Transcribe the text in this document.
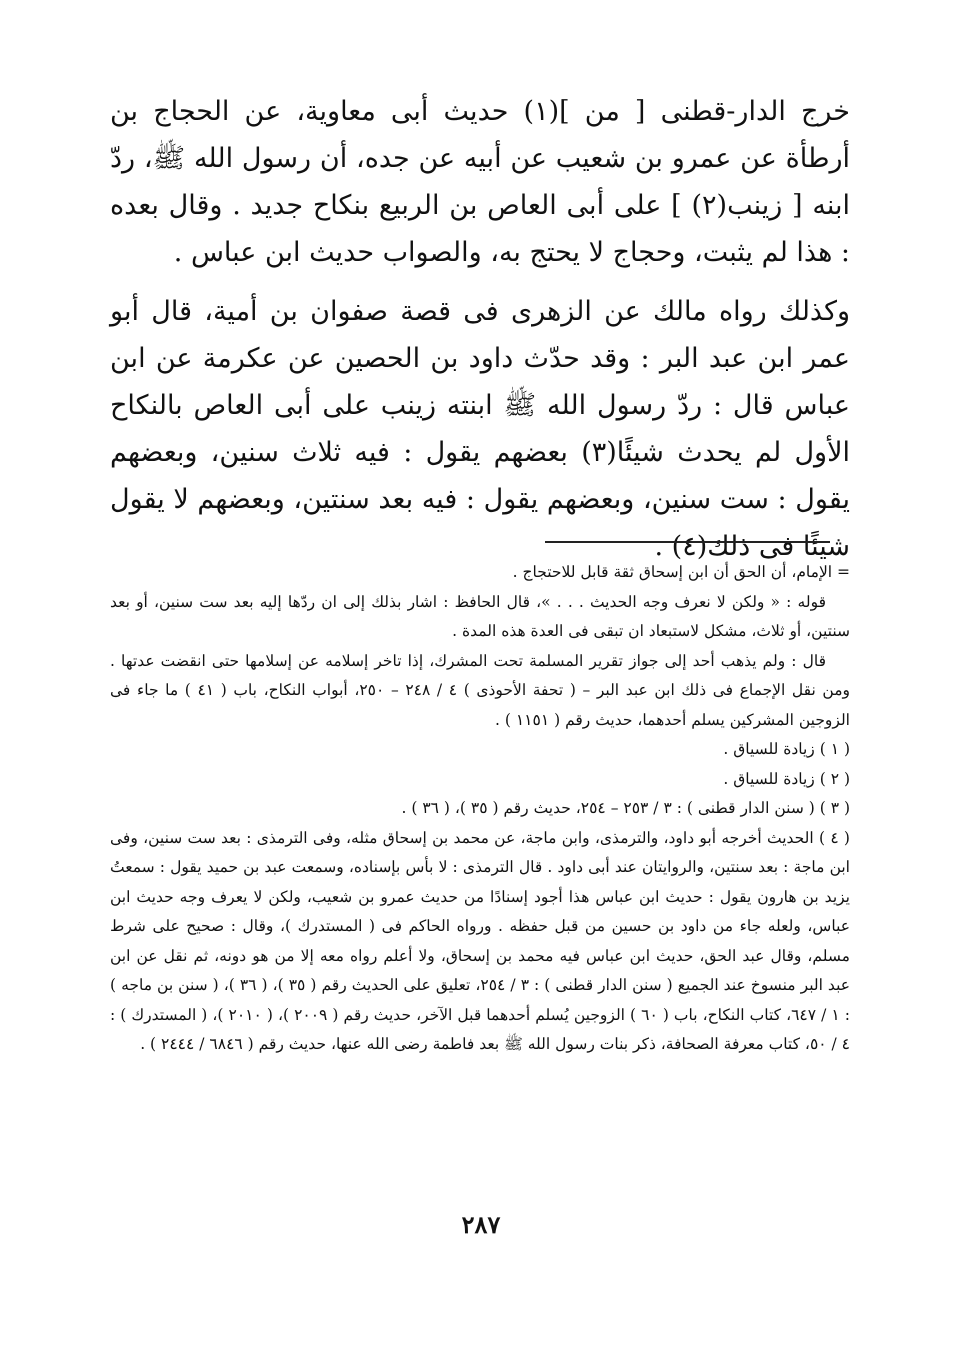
خرج الدار-قطنى [ من ](١) حديث أبى معاوية، عن الحجاج بن أرطأة عن عمرو بن شعيب عن أبيه عن جده، أن رسول الله ﷺ، ردّ ابنه [ زينب(٢) ] على أبى العاص بن الربيع بنكاح جديد . وقال بعده : هذا لم يثبت، وحجاج لا يحتج به، والصواب حديث ابن عباس .

وكذلك رواه مالك عن الزهرى فى قصة صفوان بن أمية، قال أبو عمر ابن عبد البر : وقد حدّث داود بن الحصين عن عكرمة عن ابن عباس قال : ردّ رسول الله ﷺ ابنته زينب على أبى العاص بالنكاح الأول لم يحدث شيئًا(٣) بعضهم يقول : فيه ثلاث سنين، وبعضهم يقول : ست سنين، وبعضهم يقول : فيه بعد سنتين، وبعضهم لا يقول شيئًا فى ذلك(٤) .

= الإمام، أن الحق أن ابن إسحاق ثقة قابل للاحتجاج .

قوله : « ولكن لا نعرف وجه الحديث . . . »، قال الحافظ : اشار بذلك إلى ان ردّها إليه بعد ست سنين، أو بعد سنتين، أو ثلاث، مشكل لاستبعاد ان تبقى فى العدة هذه المدة .

قال : ولم يذهب أحد إلى جواز تقرير المسلمة تحت المشرك، إذا تاخر إسلامه عن إسلامها حتى انقضت عدتها . ومن نقل الإجماع فى ذلك ابن عبد البر – ( تحفة الأحوذى ) ٤ / ٢٤٨ – ٢٥٠، أبواب النكاح، باب ( ٤١ ) ما جاء فى الزوجين المشركين يسلم أحدهما، حديث رقم ( ١١٥١ ) .

( ١ ) زيادة للسياق .

( ٢ ) زيادة للسياق .

( ٣ ) ( سنن الدار قطنى ) : ٣ / ٢٥٣ – ٢٥٤، حديث رقم ( ٣٥ )، ( ٣٦ ) .

( ٤ ) الحديث أخرجه أبو داود، والترمذى، وابن ماجة، عن محمد بن إسحاق مثله، وفى الترمذى : بعد ست سنين، وفى ابن ماجة : بعد سنتين، والروايتان عند أبى داود . قال الترمذى : لا بأس بإسناده، وسمعت عبد بن حميد يقول : سمعتُ يزيد بن هارون يقول : حديث ابن عباس هذا أجود إسنادًا من حديث عمرو بن شعيب، ولكن لا يعرف وجه حديث ابن عباس، ولعله جاء من داود بن حسين من قبل حفظه . ورواه الحاكم فى ( المستدرك )، وقال : صحيح على شرط مسلم، وقال عبد الحق، حديث ابن عباس فيه محمد بن إسحاق، ولا أعلم رواه معه إلا من هو دونه، ثم نقل عن ابن عبد البر منسوخ عند الجميع ( سنن الدار قطنى ) : ٣ / ٢٥٤، تعليق على الحديث رقم ( ٣٥ )، ( ٣٦ )، ( سنن بن ماجه ) : ١ / ٦٤٧، كتاب النكاح، باب ( ٦٠ ) الزوجين يُسلم أحدهما قبل الآخر، حديث رقم ( ٢٠٠٩ )، ( ٢٠١٠ )، ( المستدرك ) : ٤ / ٥٠، كتاب معرفة الصحافة، ذكر بنات رسول الله ﷺ بعد فاطمة رضى الله عنها، حديث رقم ( ٦٨٤٦ / ٢٤٤٤ ) .

٢٨٧
